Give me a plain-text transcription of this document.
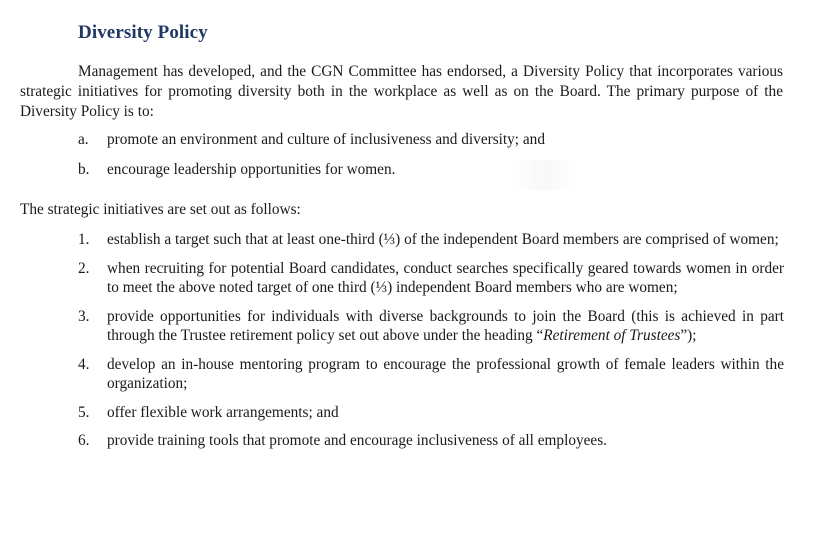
Diversity Policy

Management has developed, and the CGN Committee has endorsed, a Diversity Policy that incorporates various strategic initiatives for promoting diversity both in the workplace as well as on the Board. The primary purpose of the Diversity Policy is to:

a.	promote an environment and culture of inclusiveness and diversity; and
b.	encourage leadership opportunities for women.
The strategic initiatives are set out as follows:
1.	establish a target such that at least one-third (⅓) of the independent Board members are comprised of women;
2.	when recruiting for potential Board candidates, conduct searches specifically geared towards women in order to meet the above noted target of one third (⅓) independent Board members who are women;
3.	provide opportunities for individuals with diverse backgrounds to join the Board (this is achieved in part through the Trustee retirement policy set out above under the heading “Retirement of Trustees”);
4.	develop an in-house mentoring program to encourage the professional growth of female leaders within the organization;
5.	offer flexible work arrangements; and
6.	provide training tools that promote and encourage inclusiveness of all employees.
